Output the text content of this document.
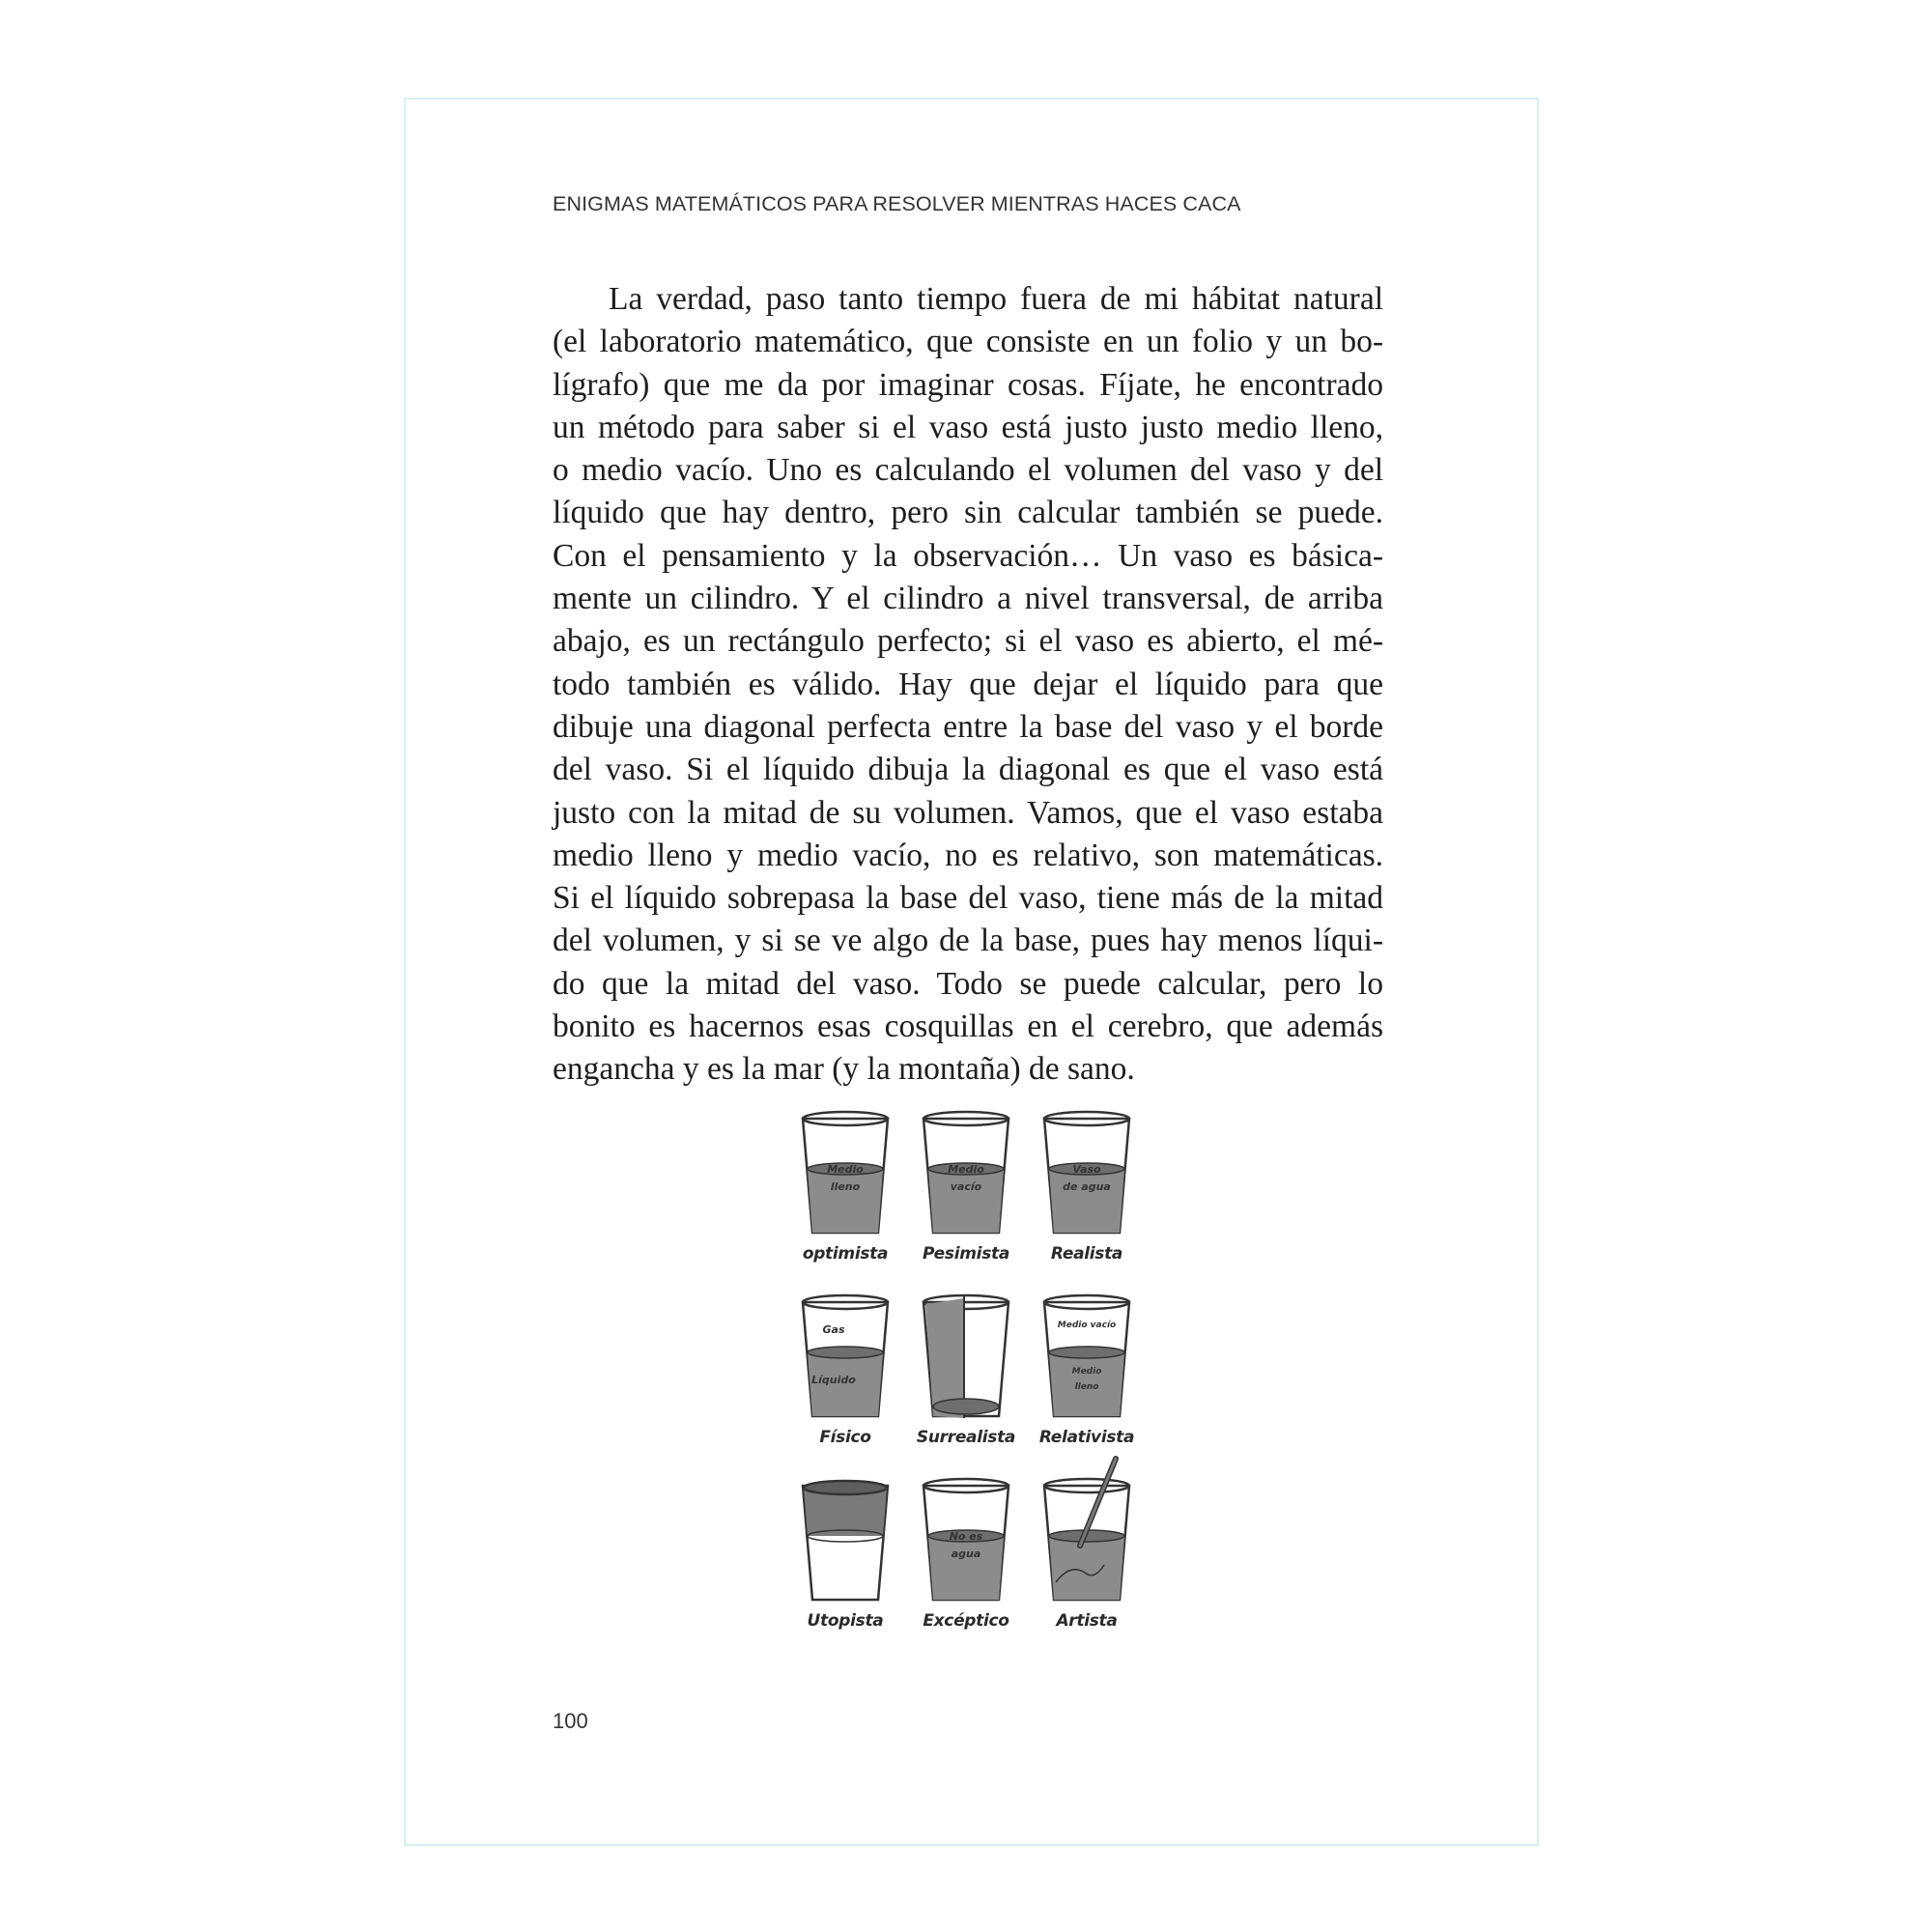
ENIGMAS MATEMÁTICOS PARA RESOLVER MIENTRAS HACES CACA
La verdad, paso tanto tiempo fuera de mi hábitat natural
(el laboratorio matemático, que consiste en un folio y un bo-
lígrafo) que me da por imaginar cosas. Fíjate, he encontrado
un método para saber si el vaso está justo justo medio lleno,
o medio vacío. Uno es calculando el volumen del vaso y del
líquido que hay dentro, pero sin calcular también se puede.
Con el pensamiento y la observación… Un vaso es básica-
mente un cilindro. Y el cilindro a nivel transversal, de arriba
abajo, es un rectángulo perfecto; si el vaso es abierto, el mé-
todo también es válido. Hay que dejar el líquido para que
dibuje una diagonal perfecta entre la base del vaso y el borde
del vaso. Si el líquido dibuja la diagonal es que el vaso está
justo con la mitad de su volumen. Vamos, que el vaso estaba
medio lleno y medio vacío, no es relativo, son matemáticas.
Si el líquido sobrepasa la base del vaso, tiene más de la mitad
del volumen, y si se ve algo de la base, pues hay menos líqui-
do que la mitad del vaso. Todo se puede calcular, pero lo
bonito es hacernos esas cosquillas en el cerebro, que además
engancha y es la mar (y la montaña) de sano.
Medio
lleno
optimista
Medio
vacío
Pesimista
Vaso
de agua
Realista
Gas
Líquido
Físico	Surrealista
Medio vacío
Medio
lleno
Relativista
Utopista
No es
agua
Excéptico	Artista
100
